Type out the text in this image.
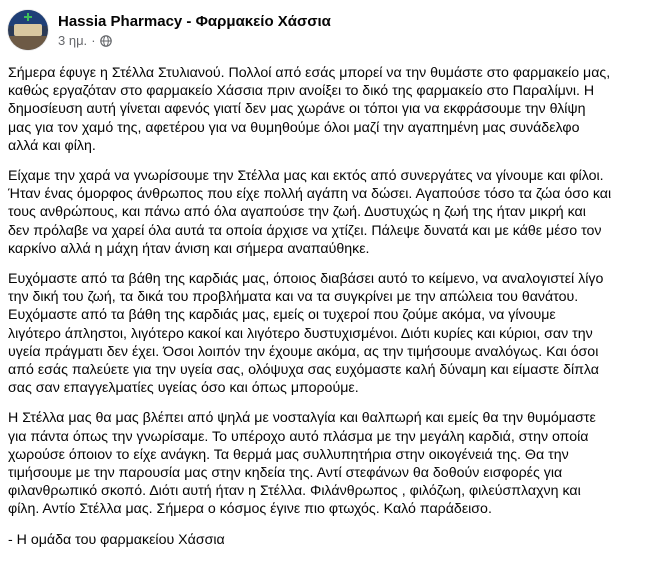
Hassia Pharmacy - Φαρμακείο Χάσσια
3 ημ. ·
Σήμερα έφυγε η Στέλλα Στυλιανού. Πολλοί από εσάς μπορεί να την θυμάστε στο φαρμακείο μας,
καθώς εργαζόταν στο φαρμακείο Χάσσια πριν ανοίξει το δικό της φαρμακείο στο Παραλίμνι. Η
δημοσίευση αυτή γίνεται αφενός γιατί δεν μας χωράνε οι τόποι για να εκφράσουμε την θλίψη
μας για τον χαμό της, αφετέρου για να θυμηθούμε όλοι μαζί την αγαπημένη μας συνάδελφο
αλλά και φίλη.
Είχαμε την χαρά να γνωρίσουμε την Στέλλα μας και εκτός από συνεργάτες να γίνουμε και φίλοι.
Ήταν ένας όμορφος άνθρωπος που είχε πολλή αγάπη να δώσει. Αγαπούσε τόσο τα ζώα όσο και
τους ανθρώπους, και πάνω από όλα αγαπούσε την ζωή. Δυστυχώς η ζωή της ήταν μικρή και
δεν πρόλαβε να χαρεί όλα αυτά τα οποία άρχισε να χτίζει. Πάλεψε δυνατά και με κάθε μέσο τον
καρκίνο αλλά η μάχη ήταν άνιση και σήμερα αναπαύθηκε.
Ευχόμαστε από τα βάθη της καρδιάς μας, όποιος διαβάσει αυτό το κείμενο, να αναλογιστεί λίγο
την δική του ζωή, τα δικά του προβλήματα και να τα συγκρίνει με την απώλεια του θανάτου.
Ευχόμαστε από τα βάθη της καρδιάς μας, εμείς οι τυχεροί που ζούμε ακόμα, να γίνουμε
λιγότερο άπληστοι, λιγότερο κακοί και λιγότερο δυστυχισμένοι. Διότι κυρίες και κύριοι, σαν την
υγεία πράγματι δεν έχει. Όσοι λοιπόν την έχουμε ακόμα, ας την τιμήσουμε αναλόγως. Και όσοι
από εσάς παλεύετε για την υγεία σας, ολόψυχα σας ευχόμαστε καλή δύναμη και είμαστε δίπλα
σας σαν επαγγελματίες υγείας όσο και όπως μπορούμε.
Η Στέλλα μας θα μας βλέπει από ψηλά με νοσταλγία και θαλπωρή και εμείς θα την θυμόμαστε
για πάντα όπως την γνωρίσαμε. Το υπέροχο αυτό πλάσμα με την μεγάλη καρδιά, στην οποία
χωρούσε όποιον το είχε ανάγκη. Τα θερμά μας συλλυπητήρια στην οικογένειά της. Θα την
τιμήσουμε με την παρουσία μας στην κηδεία της. Αντί στεφάνων θα δοθούν εισφορές για
φιλανθρωπικό σκοπό. Διότι αυτή ήταν η Στέλλα. Φιλάνθρωπος , φιλόζωη, φιλεύσπλαχνη και
φίλη. Αντίο Στέλλα μας. Σήμερα ο κόσμος έγινε πιο φτωχός. Καλό παράδεισο.
- Η ομάδα του φαρμακείου Χάσσια
